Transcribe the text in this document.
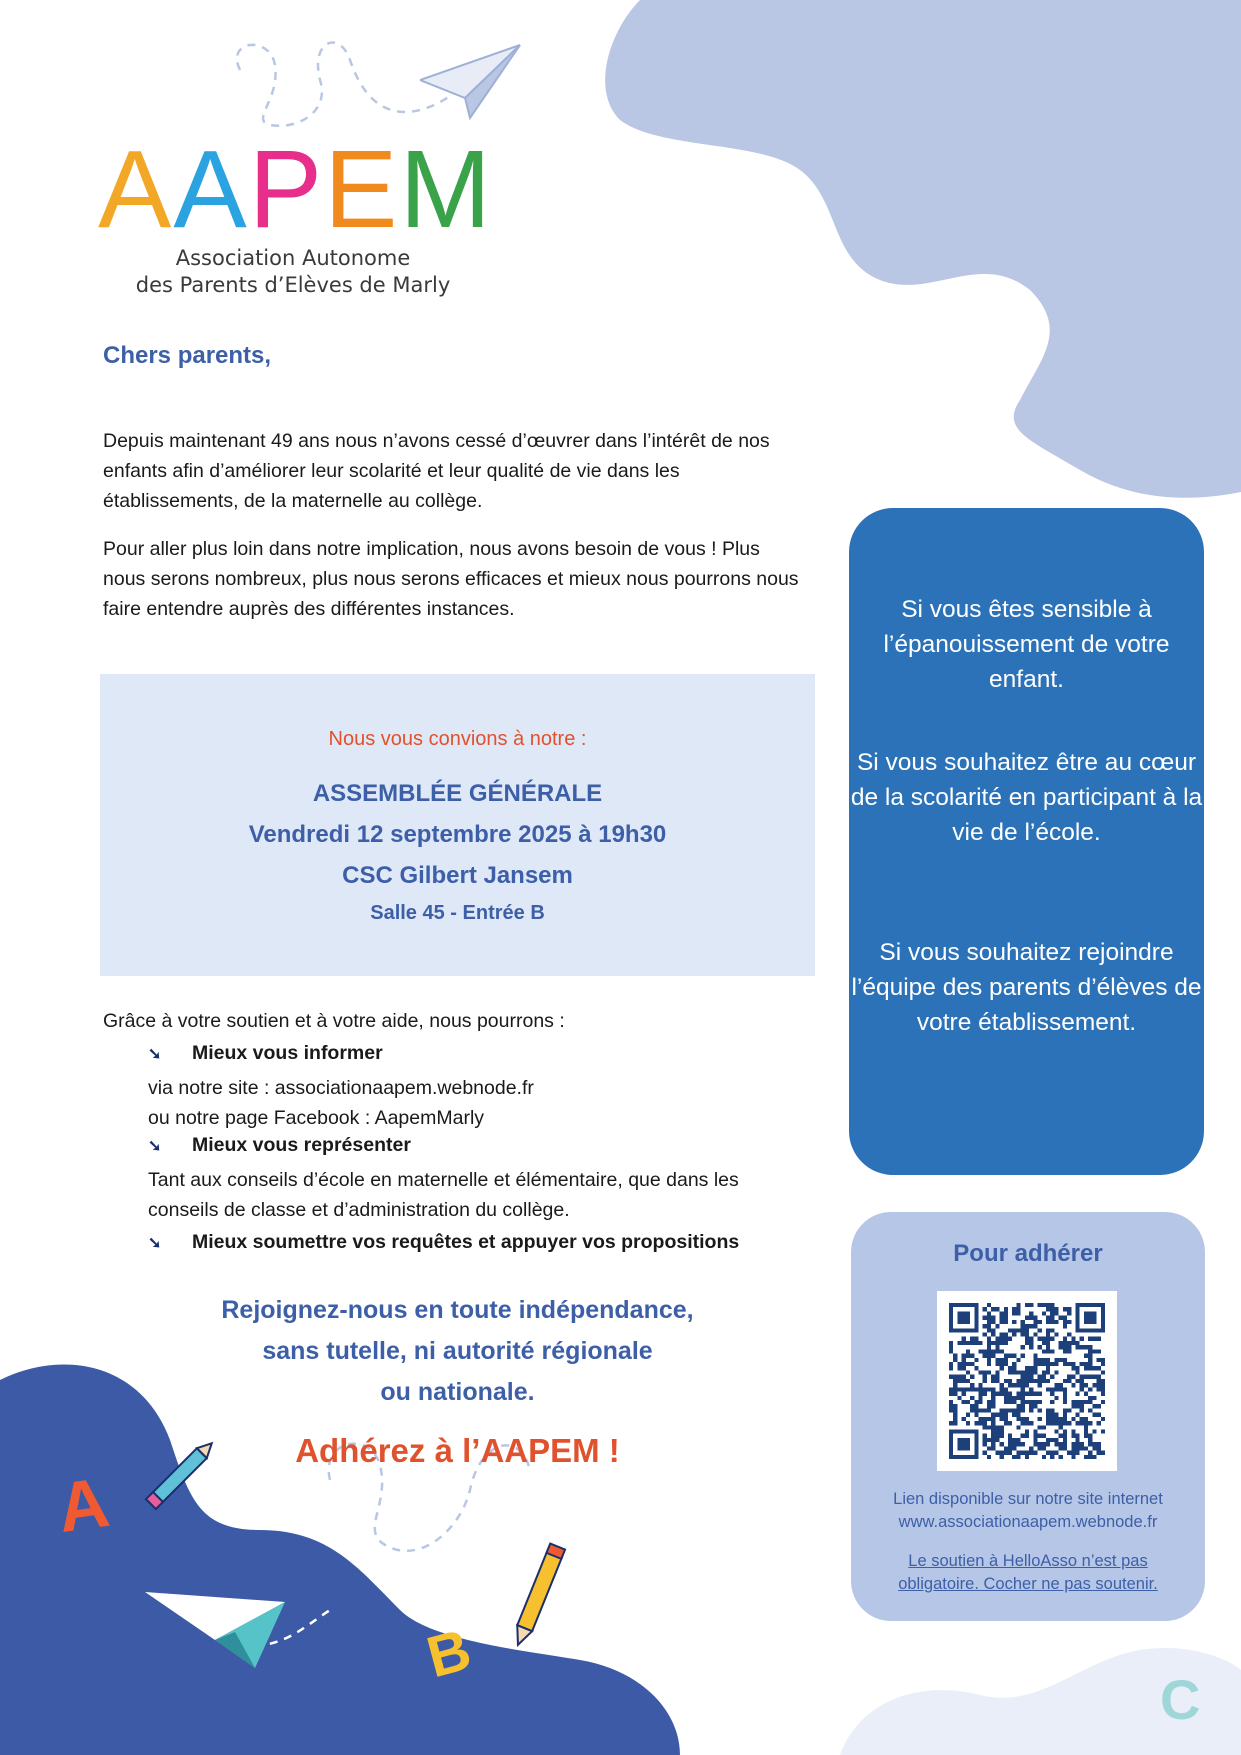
AAPEM
Association Autonome
des Parents d’Elèves de Marly
Chers parents,
Depuis maintenant 49 ans nous n’avons cessé d’œuvrer dans l’intérêt de nos enfants afin d’améliorer leur scolarité et leur qualité de vie dans les établissements, de la maternelle au collège.
Pour aller plus loin dans notre implication, nous avons besoin de vous ! Plus nous serons nombreux, plus nous serons efficaces et mieux nous pourrons nous faire entendre auprès des différentes instances.
Nous vous convions à notre :
ASSEMBLÉE GÉNÉRALE
Vendredi 12 septembre 2025 à 19h30
CSC Gilbert Jansem
Salle 45 - Entrée B
Grâce à votre soutien et à votre aide, nous pourrons :
➘ Mieux vous informer
via notre site : associationaapem.webnode.fr
ou notre page Facebook : AapemMarly
➘ Mieux vous représenter
Tant aux conseils d’école en maternelle et élémentaire, que dans les conseils de classe et d’administration du collège.
➘ Mieux soumettre vos requêtes et appuyer vos propositions
A
B
Rejoignez-nous en toute indépendance,
sans tutelle, ni autorité régionale
ou nationale.
Adhérez à l’AAPEM !
Si vous êtes sensible à l’épanouissement de votre enfant.
Si vous souhaitez être au cœur de la scolarité en participant à la vie de l’école.
Si vous souhaitez rejoindre l’équipe des parents d’élèves de votre établissement.
Pour adhérer
Lien disponible sur notre site internet
www.associationaapem.webnode.fr
Le soutien à HelloAsso n’est pas
obligatoire. Cocher ne pas soutenir.
C
